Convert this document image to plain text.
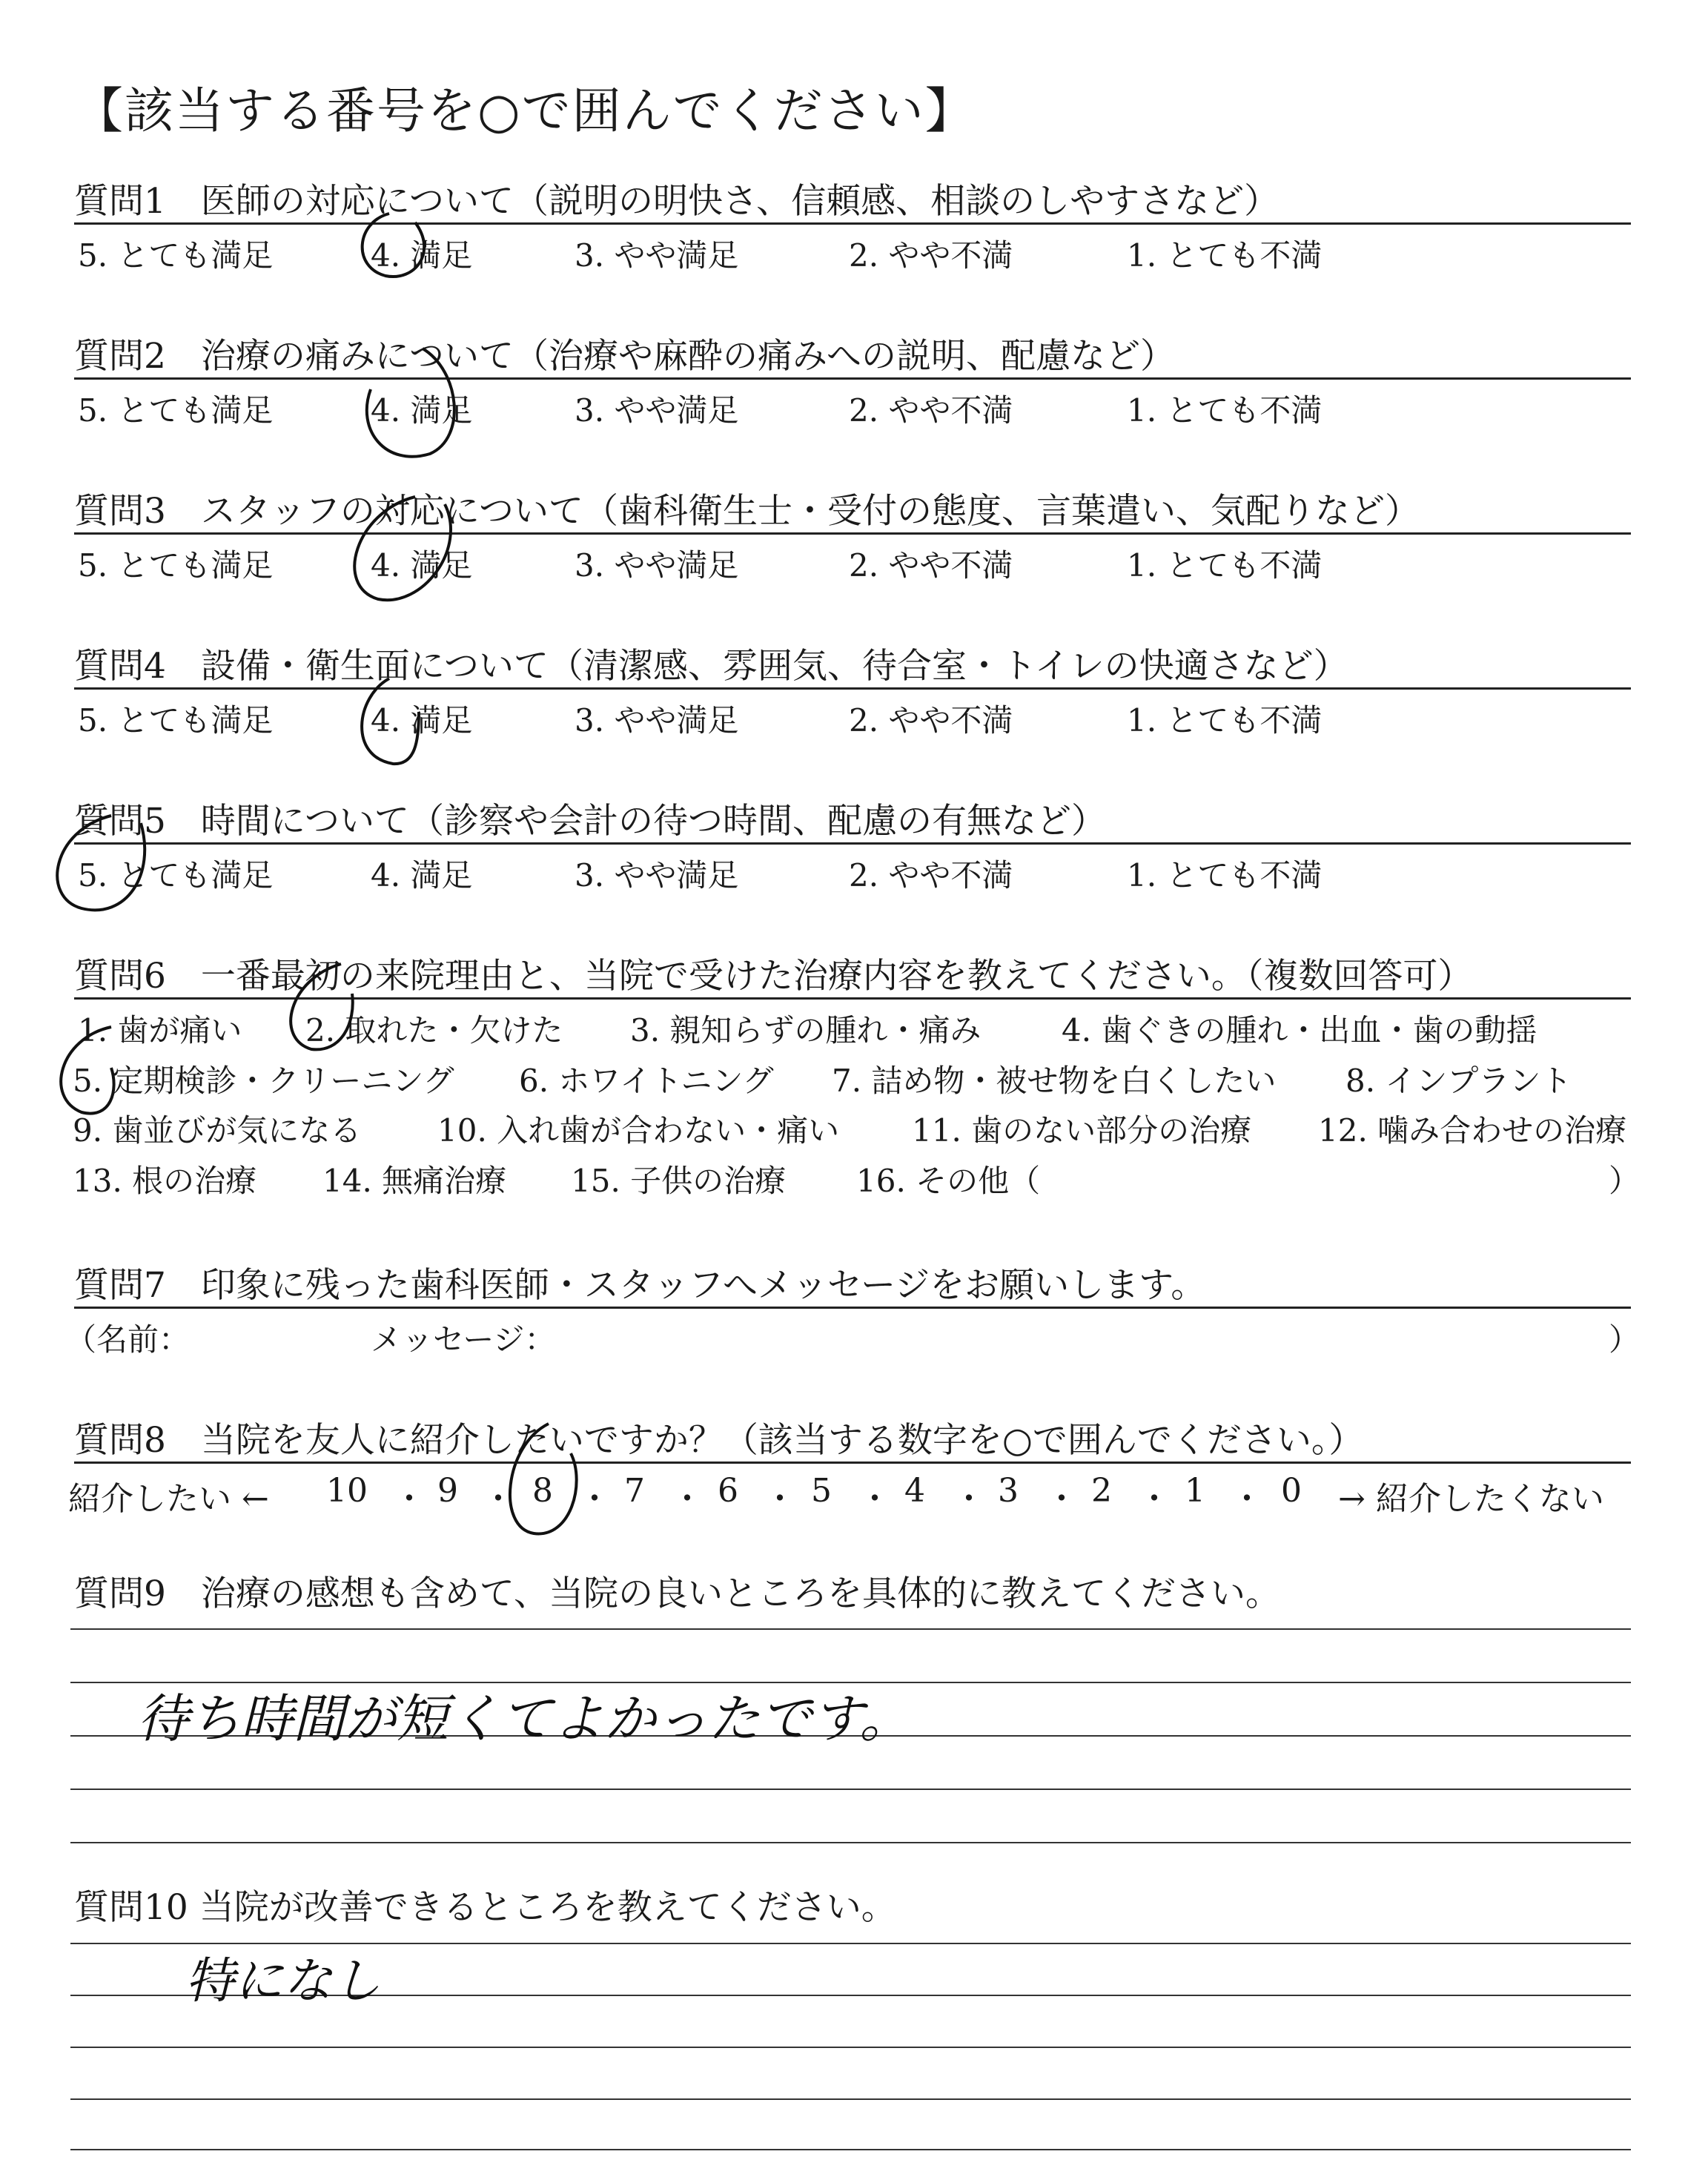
【該当する番号を○で囲んでください】
質問1　医師の対応について（説明の明快さ、信頼感、相談のしやすさなど）
5. とても満足	4. 満足	3. やや満足	2. やや不満	1. とても不満
質問2　治療の痛みについて（治療や麻酔の痛みへの説明、配慮など）
5. とても満足	4. 満足	3. やや満足	2. やや不満	1. とても不満
質問3　スタッフの対応について（歯科衛生士・受付の態度、言葉遣い、気配りなど）
5. とても満足	4. 満足	3. やや満足	2. やや不満	1. とても不満
質問4　設備・衛生面について（清潔感、雰囲気、待合室・トイレの快適さなど）
5. とても満足	4. 満足	3. やや満足	2. やや不満	1. とても不満
質問5　時間について（診察や会計の待つ時間、配慮の有無など）
5. とても満足	4. 満足	3. やや満足	2. やや不満	1. とても不満
質問6　一番最初の来院理由と、当院で受けた治療内容を教えてください。（複数回答可）
1. 歯が痛い 2. 取れた・欠けた 3. 親知らずの腫れ・痛み	4. 歯ぐきの腫れ・出血・歯の動揺
5. 定期検診・クリーニング 6. ホワイトニング 7. 詰め物・被せ物を白くしたい 8. インプラント
9. 歯並びが気になる 10. 入れ歯が合わない・痛い 11. 歯のない部分の治療 12. 噛み合わせの治療
13. 根の治療 14. 無痛治療 15. 子供の治療 16. その他（	）
質問7　印象に残った歯科医師・スタッフへメッセージをお願いします。
（名前：	メッセージ：	）
質問8　当院を友人に紹介したいですか？（該当する数字を○で囲んでください。）
紹介したい ← 10 ・ 9 ・ 8 ・ 7 ・ 6 ・ 5 ・ 4 ・ 3 ・ 2 ・ 1 ・ 0 → 紹介したくない
質問9　治療の感想も含めて、当院の良いところを具体的に教えてください。
待ち時間が短くてよかったです。
質問10 当院が改善できるところを教えてください。
特になし
